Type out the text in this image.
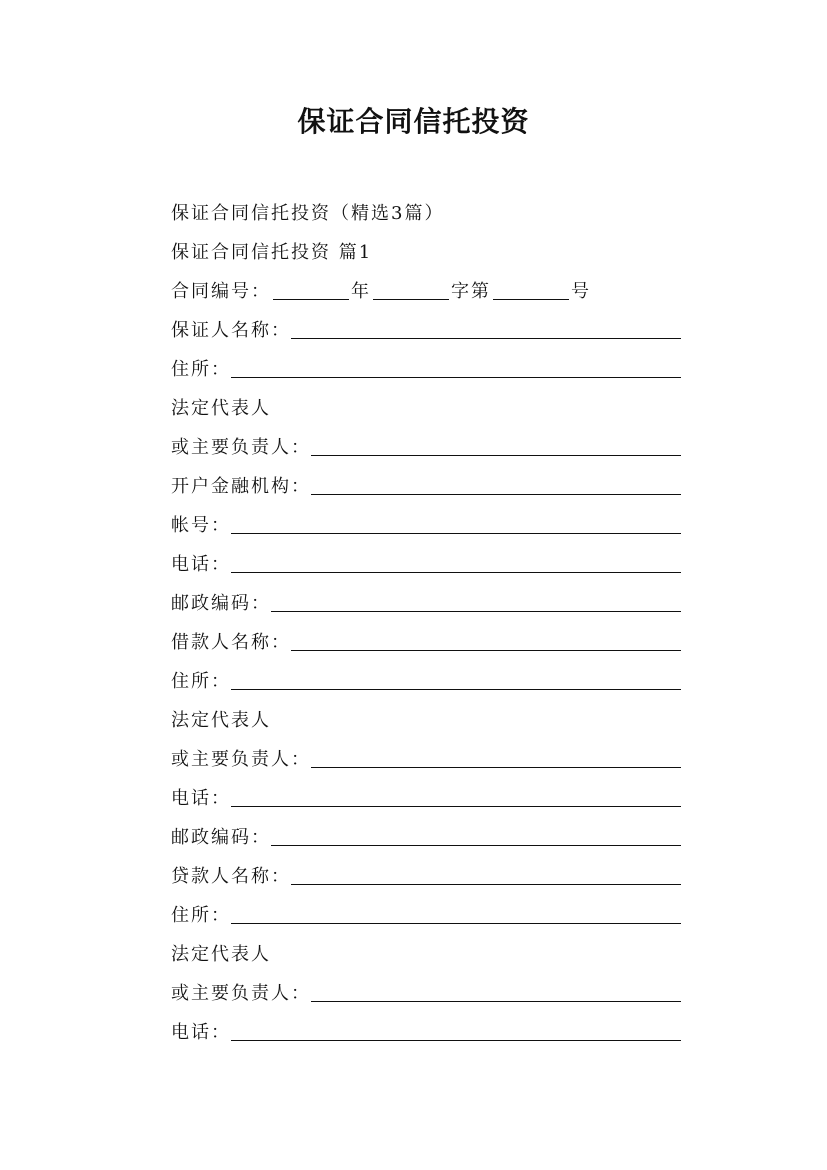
保证合同信托投资
保证合同信托投资（精选3篇）
保证合同信托投资 篇1
合同编号：	年	字第	号
保证人名称：
住所：
法定代表人
或主要负责人：
开户金融机构：
帐号：
电话：
邮政编码：
借款人名称：
住所：
法定代表人
或主要负责人：
电话：
邮政编码：
贷款人名称：
住所：
法定代表人
或主要负责人：
电话：
